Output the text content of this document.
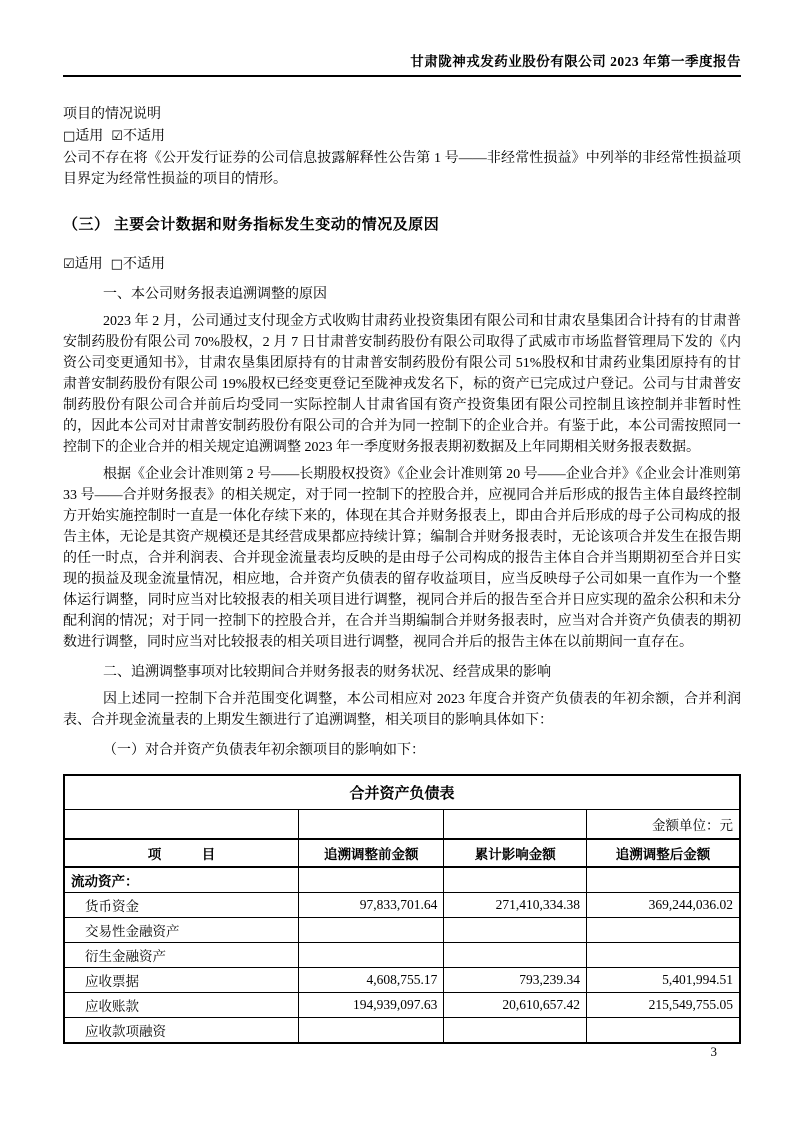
甘肃陇神戎发药业股份有限公司 2023 年第一季度报告

项目的情况说明

□适用 ☑不适用

公司不存在将《公开发行证券的公司信息披露解释性公告第 1 号——非经常性损益》中列举的非经常性损益项目界定为经常性损益的项目的情形。

（三） 主要会计数据和财务指标发生变动的情况及原因

☑适用 □不适用

一、本公司财务报表追溯调整的原因

2023 年 2 月，公司通过支付现金方式收购甘肃药业投资集团有限公司和甘肃农垦集团合计持有的甘肃普安制药股份有限公司 70%股权，2 月 7 日甘肃普安制药股份有限公司取得了武威市市场监督管理局下发的《内资公司变更通知书》，甘肃农垦集团原持有的甘肃普安制药股份有限公司 51%股权和甘肃药业集团原持有的甘肃普安制药股份有限公司 19%股权已经变更登记至陇神戎发名下，标的资产已完成过户登记。公司与甘肃普安制药股份有限公司合并前后均受同一实际控制人甘肃省国有资产投资集团有限公司控制且该控制并非暂时性的，因此本公司对甘肃普安制药股份有限公司的合并为同一控制下的企业合并。有鉴于此，本公司需按照同一控制下的企业合并的相关规定追溯调整 2023 年一季度财务报表期初数据及上年同期相关财务报表数据。

根据《企业会计准则第 2 号——长期股权投资》《企业会计准则第 20 号——企业合并》《企业会计准则第 33 号——合并财务报表》的相关规定，对于同一控制下的控股合并，应视同合并后形成的报告主体自最终控制方开始实施控制时一直是一体化存续下来的，体现在其合并财务报表上，即由合并后形成的母子公司构成的报告主体，无论是其资产规模还是其经营成果都应持续计算；编制合并财务报表时，无论该项合并发生在报告期的任一时点，合并利润表、合并现金流量表均反映的是由母子公司构成的报告主体自合并当期期初至合并日实现的损益及现金流量情况，相应地，合并资产负债表的留存收益项目，应当反映母子公司如果一直作为一个整体运行调整，同时应当对比较报表的相关项目进行调整，视同合并后的报告至合并日应实现的盈余公积和未分配利润的情况；对于同一控制下的控股合并，在合并当期编制合并财务报表时，应当对合并资产负债表的期初数进行调整，同时应当对比较报表的相关项目进行调整，视同合并后的报告主体在以前期间一直存在。

二、追溯调整事项对比较期间合并财务报表的财务状况、经营成果的影响

因上述同一控制下合并范围变化调整，本公司相应对 2023 年度合并资产负债表的年初余额，合并利润表、合并现金流量表的上期发生额进行了追溯调整，相关项目的影响具体如下：

（一）对合并资产负债表年初余额项目的影响如下：

合并资产负债表			
			金额单位：元
项　　　目	追溯调整前金额	累计影响金额	追溯调整后金额
流动资产：			
货币资金	97,833,701.64	271,410,334.38	369,244,036.02
交易性金融资产			
衍生金融资产			
应收票据	4,608,755.17	793,239.34	5,401,994.51
应收账款	194,939,097.63	20,610,657.42	215,549,755.05
应收款项融资			
3
